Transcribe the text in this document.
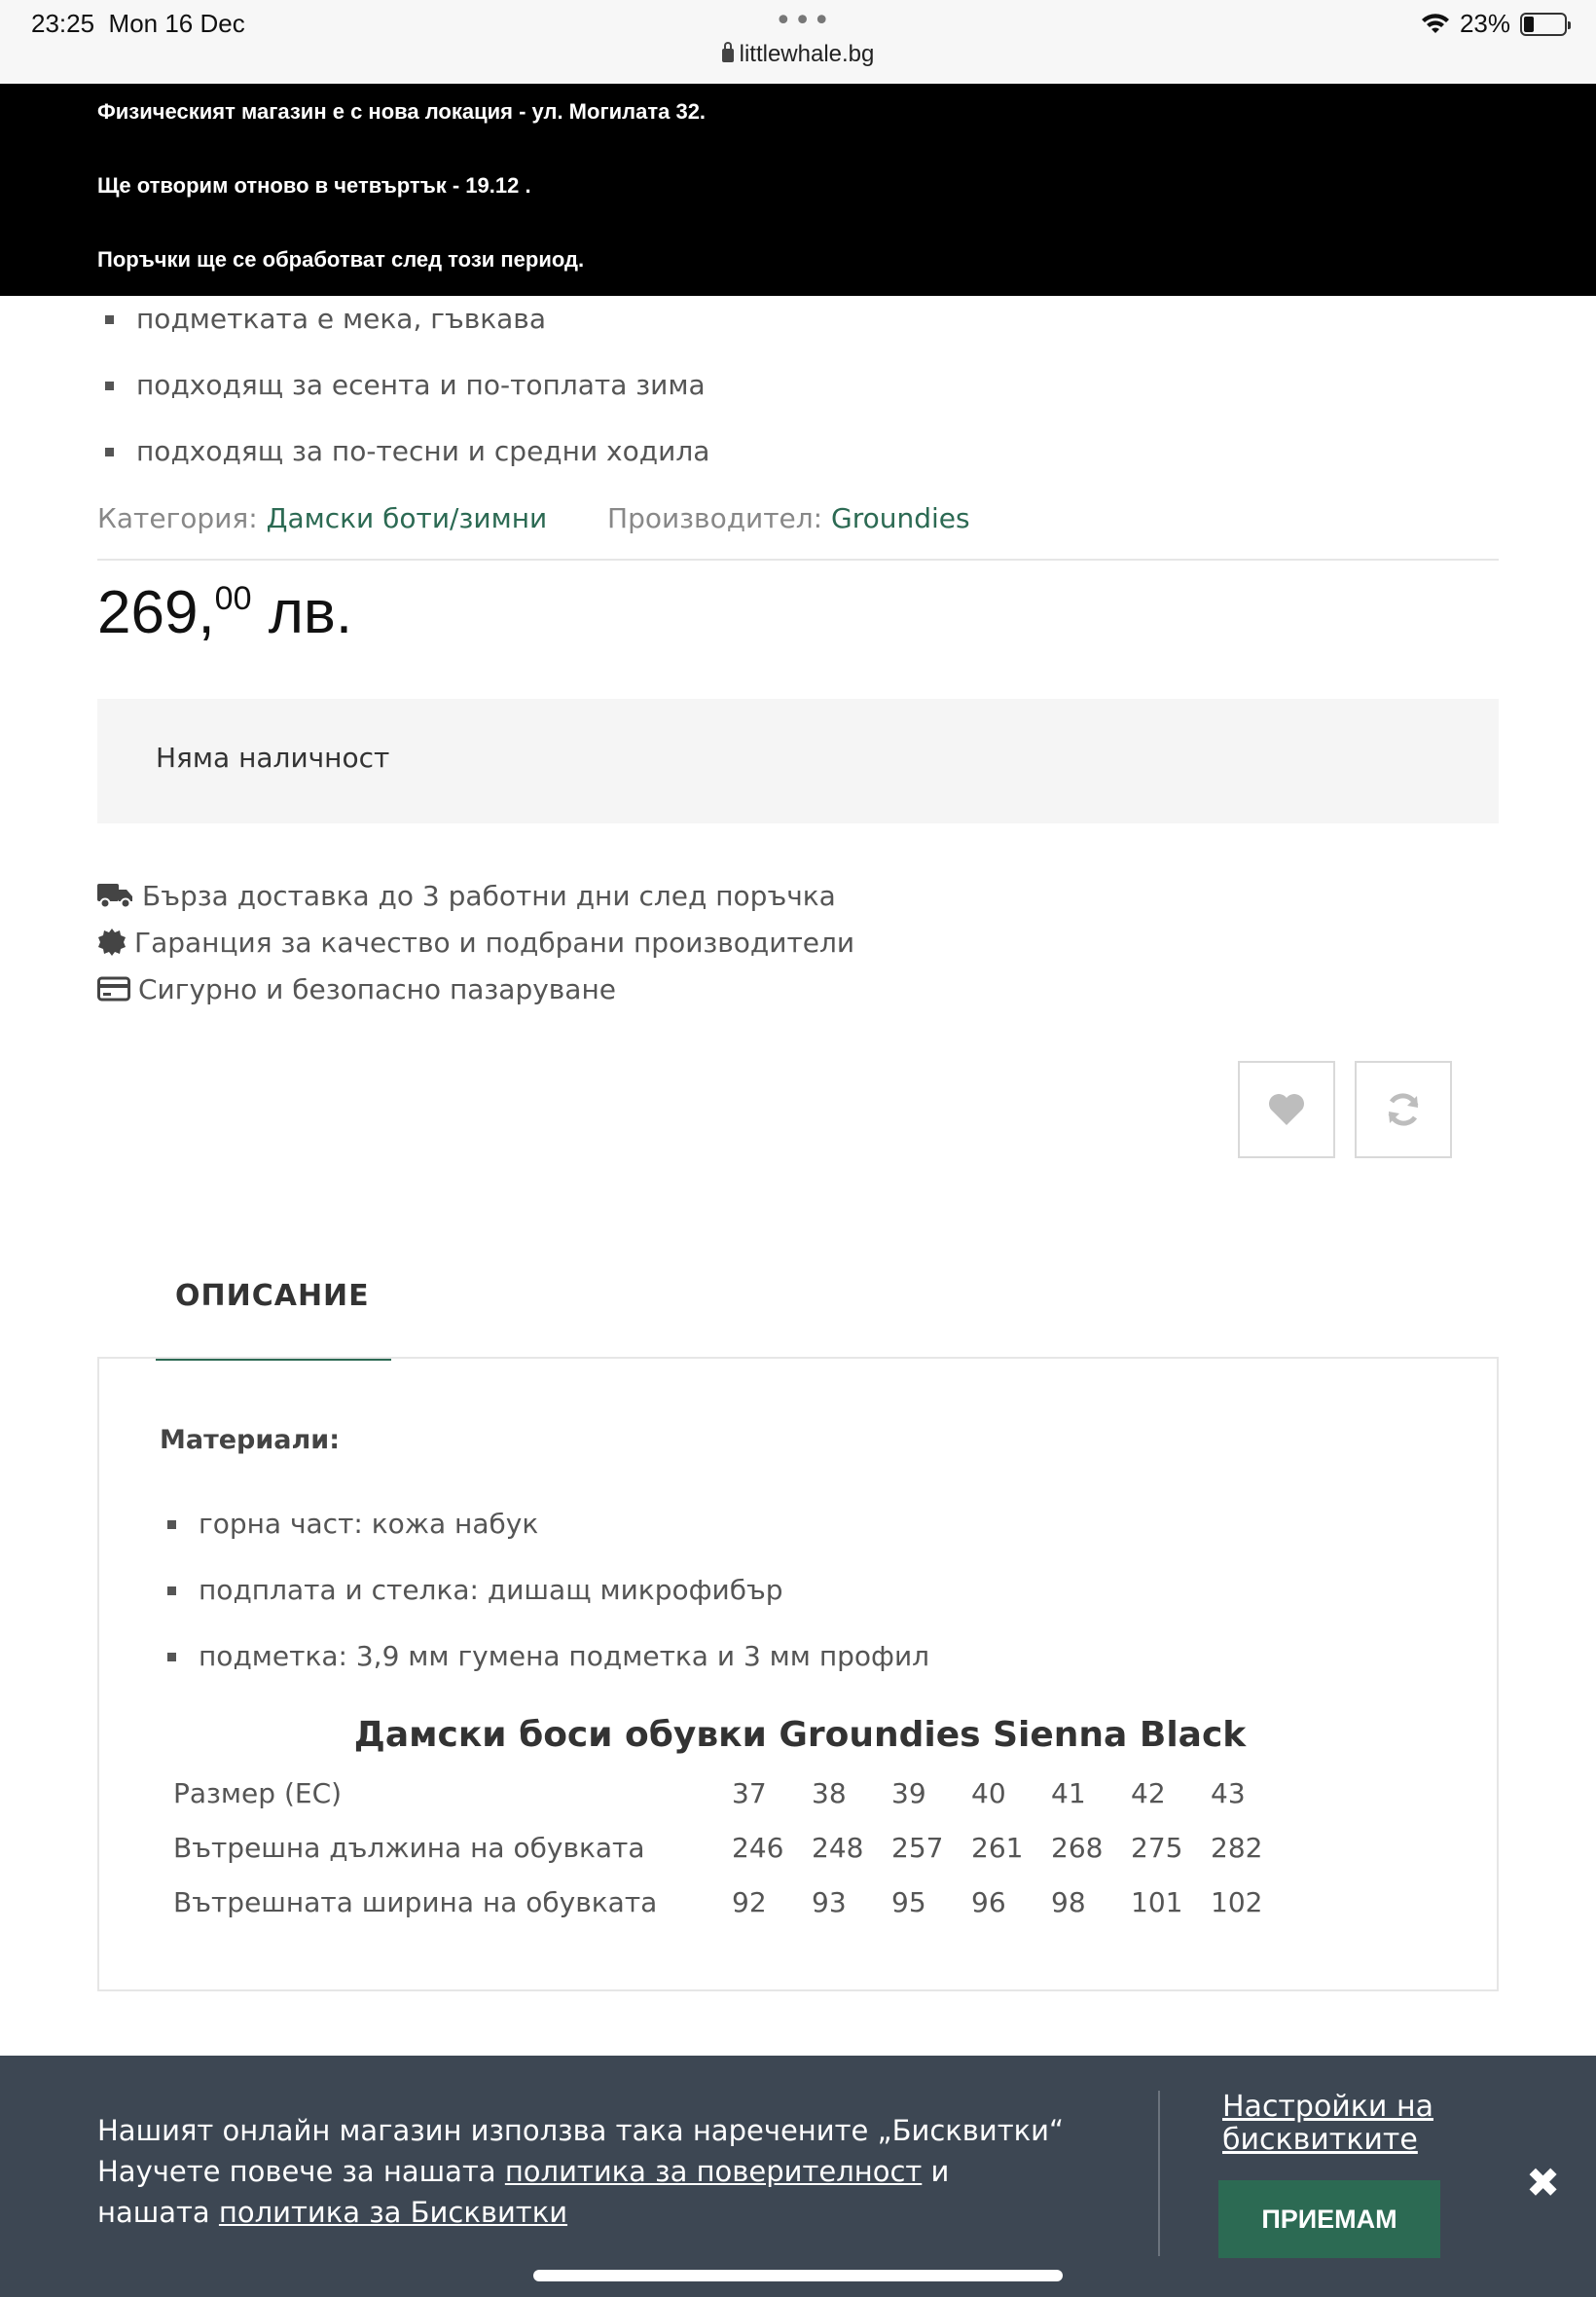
23:25 Mon 16 Dec	•••
littlewhale.bg
23%

Физическият магазин е с нова локация - ул. Могилата 32.

Ще отворим отново в четвъртък - 19.12 .

Поръчки ще се обработват след този период.

подметката е мека, гъвкава
подходящ за есента и по-топлата зима
подходящ за по-тесни и средни ходила
Категория: Дамски боти/зимни Производител: Groundies
269,00 лв.
Няма наличност
Бърза доставка до 3 работни дни след поръчка
Гаранция за качество и подбрани производители
Сигурно и безопасно пазаруване
ОПИСАНИЕ
Материали:
горна част: кожа набук
подплата и стелка: дишащ микрофибър
подметка: 3,9 мм гумена подметка и 3 мм профил
Дамски боси обувки Groundies Sienna Black
Размер (ЕС)	37	38	39	40	41	42	43
Вътрешна дължина на обувката	246	248	257	261	268	275	282
Вътрешната ширина на обувката	92	93	95	96	98	101	102
Нашият онлайн магазин използва така наречените „Бисквитки“
Научете повече за нашата политика за поверителност и
нашата политика за Бисквитки
Настройки на бисквитките
ПРИЕМАМ
✖
